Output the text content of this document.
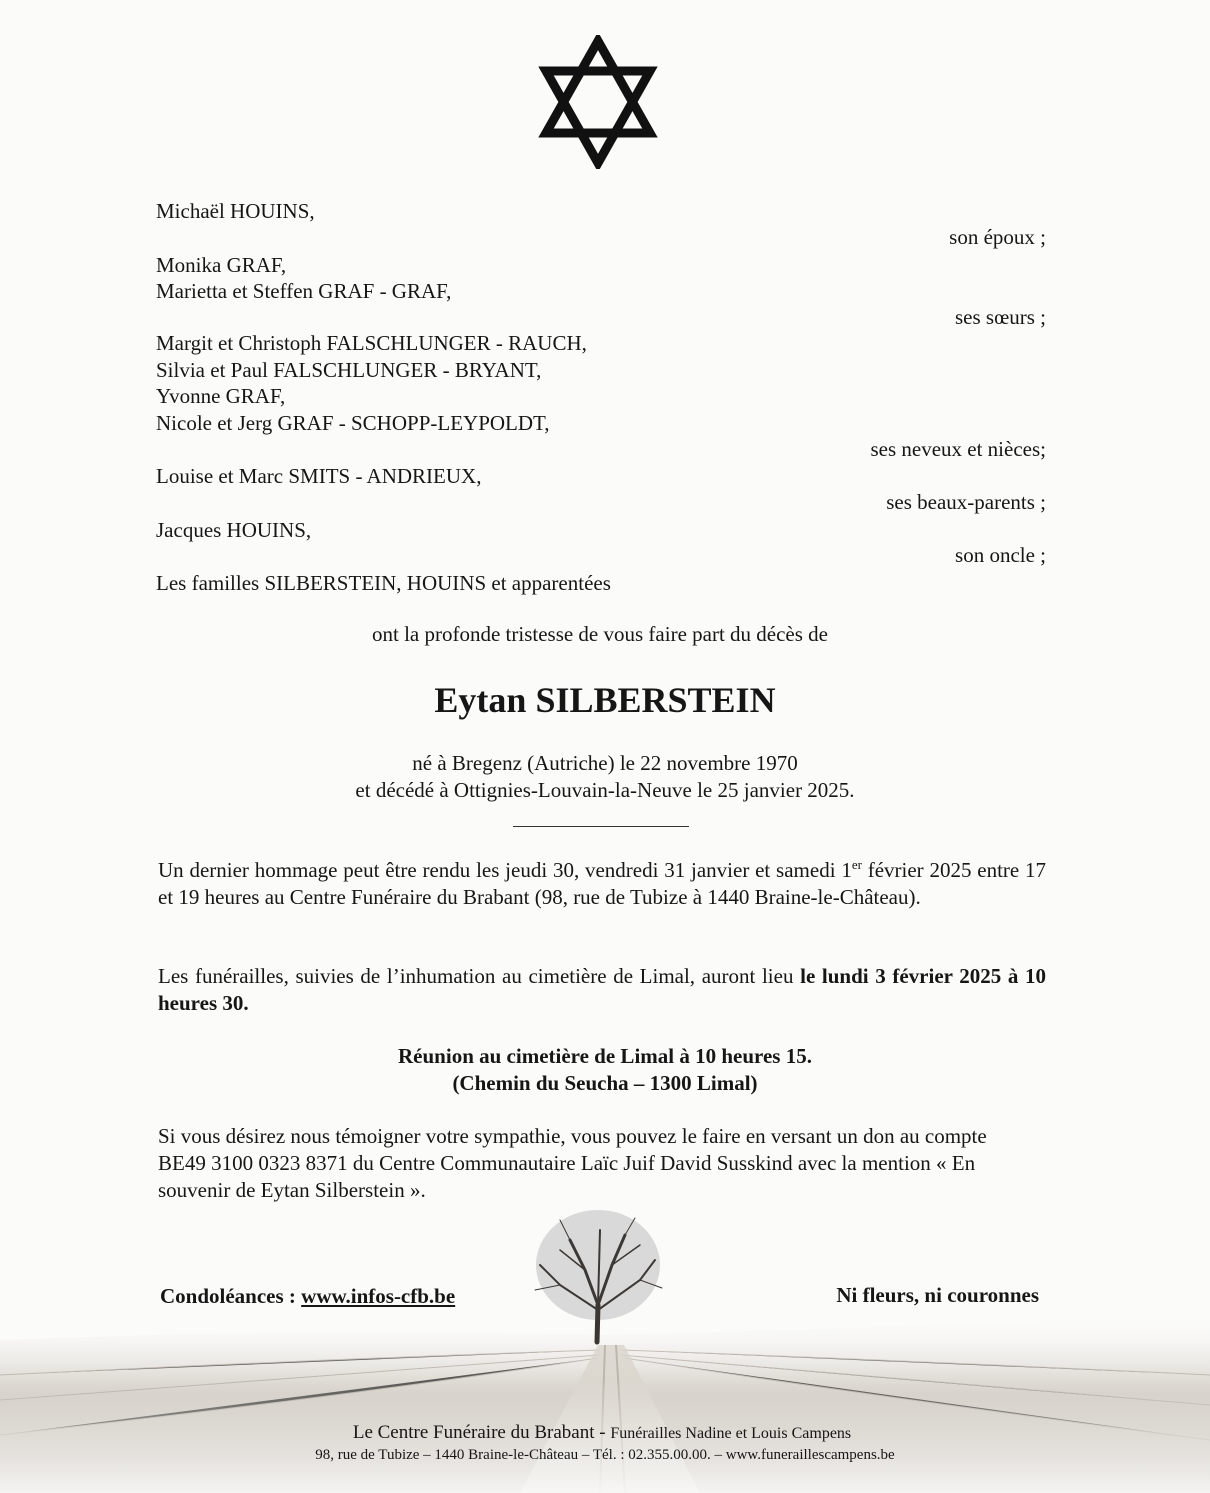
Michaël HOUINS,
son époux ;
Monika GRAF,
Marietta et Steffen GRAF - GRAF,
ses sœurs ;
Margit et Christoph FALSCHLUNGER - RAUCH,
Silvia et Paul FALSCHLUNGER - BRYANT,
Yvonne GRAF,
Nicole et Jerg GRAF - SCHOPP-LEYPOLDT,
ses neveux et nièces;
Louise et Marc SMITS - ANDRIEUX,
ses beaux-parents ;
Jacques HOUINS,
son oncle ;
Les familles SILBERSTEIN, HOUINS et apparentées
ont la profonde tristesse de vous faire part du décès de
Eytan SILBERSTEIN
né à Bregenz (Autriche) le 22 novembre 1970
et décédé à Ottignies-Louvain-la-Neuve le 25 janvier 2025.
Un dernier hommage peut être rendu les jeudi 30, vendredi 31 janvier et samedi 1er février 2025 entre 17 et 19 heures au Centre Funéraire du Brabant (98, rue de Tubize à 1440 Braine-le-Château).
Les funérailles, suivies de l’inhumation au cimetière de Limal, auront lieu le lundi 3 février 2025 à 10 heures 30.
Réunion au cimetière de Limal à 10 heures 15.
(Chemin du Seucha – 1300 Limal)
Si vous désirez nous témoigner votre sympathie, vous pouvez le faire en versant un don au compte BE49 3100 0323 8371 du Centre Communautaire Laïc Juif David Susskind avec la mention « En souvenir de Eytan Silberstein ».
Condoléances : www.infos-cfb.be	Ni fleurs, ni couronnes
Le Centre Funéraire du Brabant - Funérailles Nadine et Louis Campens
98, rue de Tubize – 1440 Braine-le-Château – Tél. : 02.355.00.00. – www.funeraillescampens.be
